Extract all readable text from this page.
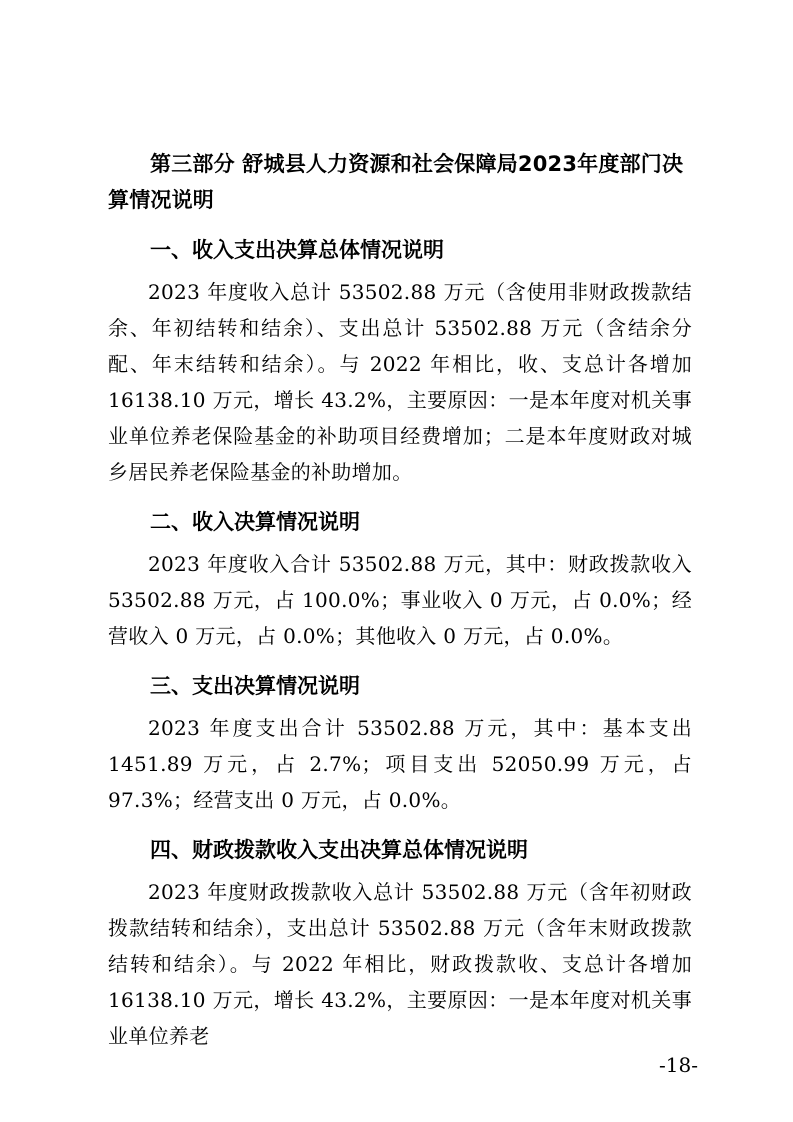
第三部分 舒城县人力资源和社会保障局2023年度部门决算情况说明

一、收入支出决算总体情况说明

2023 年度收入总计 53502.88 万元（含使用非财政拨款结余、年初结转和结余）、支出总计 53502.88 万元（含结余分配、年末结转和结余）。与 2022 年相比，收、支总计各增加 16138.10 万元，增长 43.2%，主要原因：一是本年度对机关事业单位养老保险基金的补助项目经费增加；二是本年度财政对城乡居民养老保险基金的补助增加。

二、收入决算情况说明

2023 年度收入合计 53502.88 万元，其中：财政拨款收入53502.88 万元，占 100.0%；事业收入 0 万元，占 0.0%；经营收入 0 万元，占 0.0%；其他收入 0 万元，占 0.0%。

三、支出决算情况说明

2023 年度支出合计 53502.88 万元，其中：基本支出 1451.89 万元，占 2.7%；项目支出 52050.99 万元，占 97.3%；经营支出 0 万元，占 0.0%。

四、财政拨款收入支出决算总体情况说明

2023 年度财政拨款收入总计 53502.88 万元（含年初财政拨款结转和结余），支出总计 53502.88 万元（含年末财政拨款结转和结余）。与 2022 年相比，财政拨款收、支总计各增加 16138.10 万元，增长 43.2%，主要原因：一是本年度对机关事业单位养老

-18-
